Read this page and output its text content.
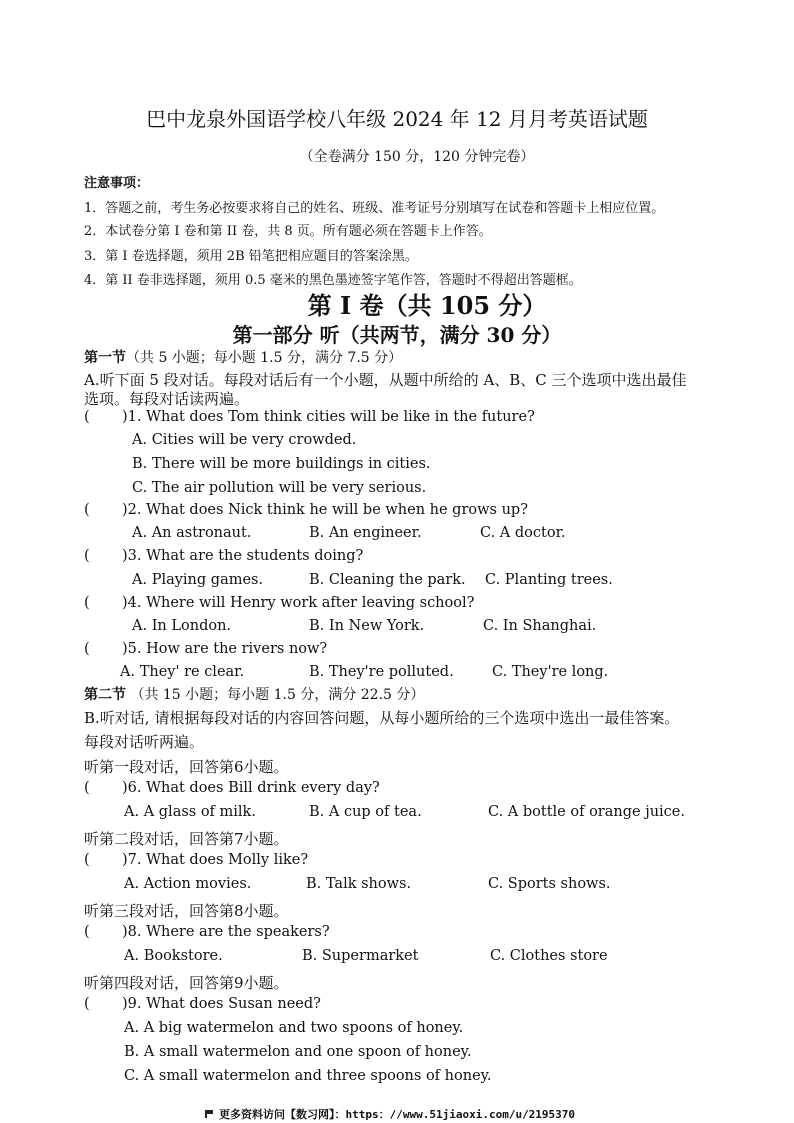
巴中龙泉外国语学校八年级 2024 年 12 月月考英语试题
（全卷满分 150 分，120 分钟完卷）
注意事项：
1．答题之前，考生务必按要求将自己的姓名、班级、准考证号分别填写在试卷和答题卡上相应位置。
2．本试卷分第 I 卷和第 II 卷，共 8 页。所有题必须在答题卡上作答。
3．第 I 卷选择题，须用 2B 铅笔把相应题目的答案涂黑。
4．第 II 卷非选择题，须用 0.5 毫米的黑色墨迹签字笔作答，答题时不得超出答题框。
第 I 卷（共 105 分）
第一部分 听（共两节，满分 30 分）
第一节（共 5 小题；每小题 1.5 分，满分 7.5 分）
A.听下面 5 段对话。每段对话后有一个小题，从题中所给的 A、B、C 三个选项中选出最佳
选项。每段对话读两遍。
( )1. What does Tom think cities will be like in the future?
A. Cities will be very crowded.
B. There will be more buildings in cities.
C. The air pollution will be very serious.
( )2. What does Nick think he will be when he grows up?
A. An astronaut.	B. An engineer.	C. A doctor.
( )3. What are the students doing?
A. Playing games.	B. Cleaning the park. C. Planting trees.
( )4. Where will Henry work after leaving school?
A. In London.	B. In New York.	C. In Shanghai.
( )5. How are the rivers now?
A. They' re clear.	B. They're polluted.	C. They're long.
第二节 （共 15 小题；每小题 1.5 分，满分 22.5 分）
B.听对话, 请根据每段对话的内容回答问题，从每小题所给的三个选项中选出一最佳答案。
每段对话听两遍。
听第一段对话，回答第6小题。
( )6. What does Bill drink every day?
A. A glass of milk.	B. A cup of tea.	C. A bottle of orange juice.
听第二段对话，回答第7小题。
( )7. What does Molly like?
A. Action movies.	B. Talk shows.	C. Sports shows.
听第三段对话，回答第8小题。
( )8. Where are the speakers?
A. Bookstore.	B. Supermarket	C. Clothes store
听第四段对话，回答第9小题。
( )9. What does Susan need?
A. A big watermelon and two spoons of honey.
B. A small watermelon and one spoon of honey.
C. A small watermelon and three spoons of honey.
更多资料访问【数习网】：https：//www.51jiaoxi.com/u/2195370
